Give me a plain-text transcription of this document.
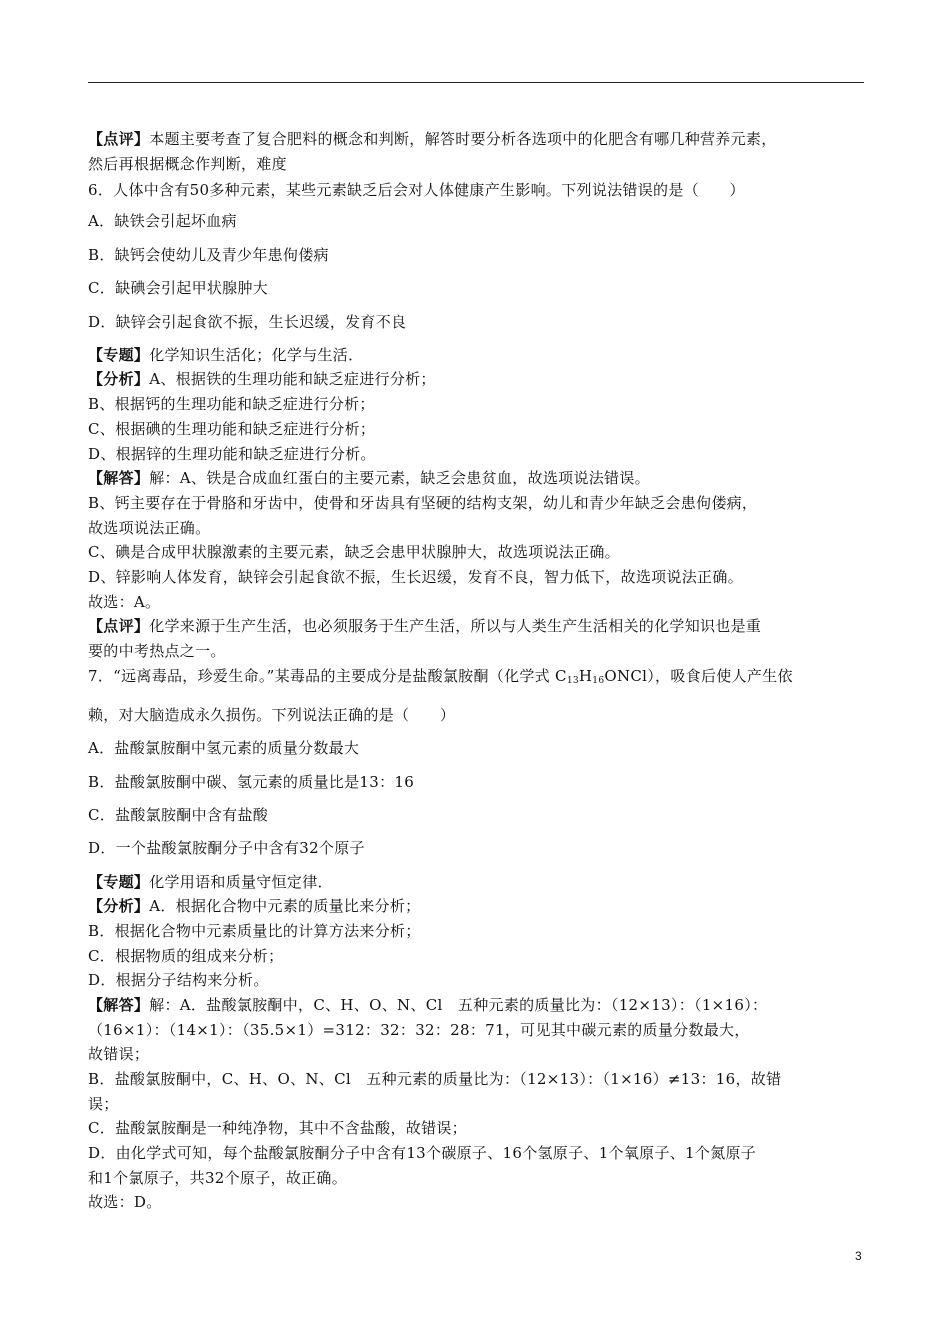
【点评】本题主要考查了复合肥料的概念和判断，解答时要分析各选项中的化肥含有哪几种营养元素，
然后再根据概念作判断，难度
6．人体中含有50多种元素，某些元素缺乏后会对人体健康产生影响。下列说法错误的是（　　）
A．缺铁会引起坏血病
B．缺钙会使幼儿及青少年患佝偻病
C．缺碘会引起甲状腺肿大
D．缺锌会引起食欲不振，生长迟缓，发育不良
【专题】化学知识生活化；化学与生活．
【分析】A、根据铁的生理功能和缺乏症进行分析；
B、根据钙的生理功能和缺乏症进行分析；
C、根据碘的生理功能和缺乏症进行分析；
D、根据锌的生理功能和缺乏症进行分析。
【解答】解：A、铁是合成血红蛋白的主要元素，缺乏会患贫血，故选项说法错误。
B、钙主要存在于骨胳和牙齿中，使骨和牙齿具有坚硬的结构支架，幼儿和青少年缺乏会患佝偻病，
故选项说法正确。
C、碘是合成甲状腺激素的主要元素，缺乏会患甲状腺肿大，故选项说法正确。
D、锌影响人体发育，缺锌会引起食欲不振，生长迟缓，发育不良，智力低下，故选项说法正确。
故选：A。
【点评】化学来源于生产生活，也必须服务于生产生活，所以与人类生产生活相关的化学知识也是重
要的中考热点之一。
7．“远离毒品，珍爱生命。”某毒品的主要成分是盐酸氯胺酮（化学式 $C_{13}H_{16}ONCl$），吸食后使人产生依
赖，对大脑造成永久损伤。下列说法正确的是（　　）
A．盐酸氯胺酮中氢元素的质量分数最大
B．盐酸氯胺酮中碳、氢元素的质量比是13：16
C．盐酸氯胺酮中含有盐酸
D．一个盐酸氯胺酮分子中含有32个原子
【专题】化学用语和质量守恒定律．
【分析】A．根据化合物中元素的质量比来分析；
B．根据化合物中元素质量比的计算方法来分析；
C．根据物质的组成来分析；
D．根据分子结构来分析。
【解答】解：A．盐酸氯胺酮中，C、H、O、N、Cl　五种元素的质量比为：（12×13）：（1×16）：
（16×1）：（14×1）：（35.5×1）=312：32：32：28：71，可见其中碳元素的质量分数最大，
故错误；
B．盐酸氯胺酮中，C、H、O、N、Cl　五种元素的质量比为：（12×13）：（1×16）≠13：16，故错
误；
C．盐酸氯胺酮是一种纯净物，其中不含盐酸，故错误；
D．由化学式可知，每个盐酸氯胺酮分子中含有13个碳原子、16个氢原子、1个氧原子、1个氮原子
和1个氯原子，共32个原子，故正确。
故选：D。
3
